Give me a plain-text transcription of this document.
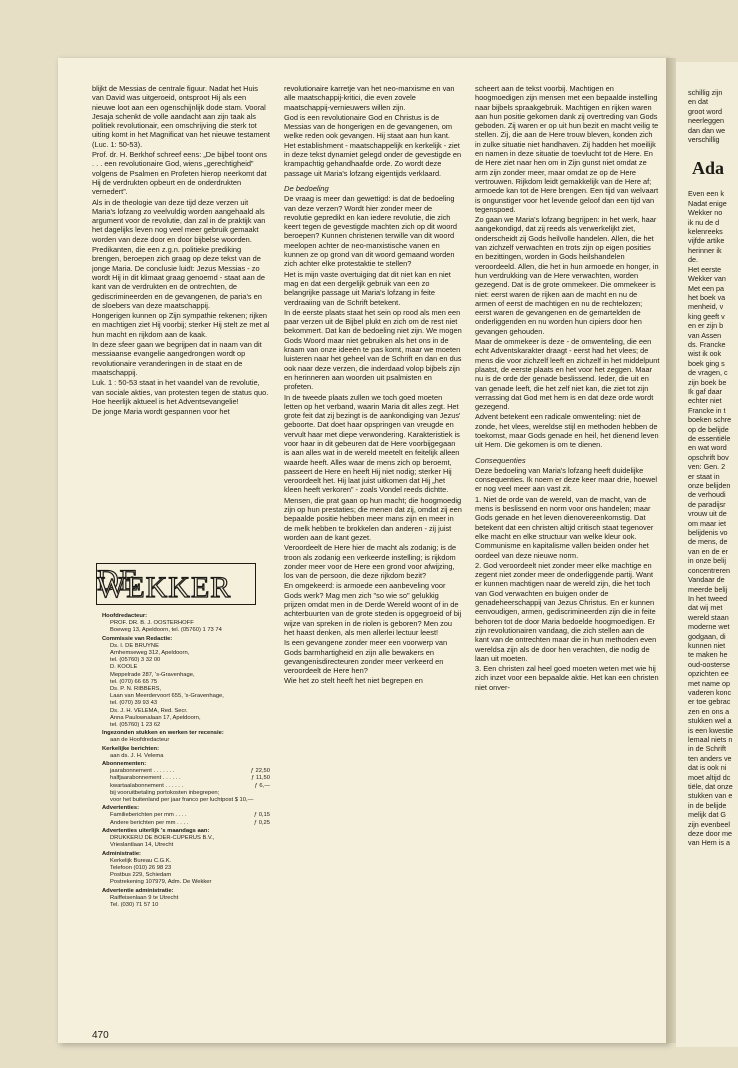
blijkt de Messias de centrale figuur. Nadat het Huis van David was uitgeroeid, ontsproot Hij als een nieuwe loot aan een ogenschijnlijk dode stam. Vooral Jesaja schenkt de volle aandacht aan zijn taak als politiek revolutionair, een omschrijving die sterk tot uiting komt in het Magnificat van het nieuwe testament (Luc. 1: 50-53).

Prof. dr. H. Berkhof schreef eens: „De bijbel toont ons . . . een revolutionaire God, wiens „gerechtigheid” volgens de Psalmen en Profeten hierop neerkomt dat Hij de verdrukten opbeurt en de onderdrukten vernedert”.

Als in de theologie van deze tijd deze verzen uit Maria's lofzang zo veelvuldig worden aangehaald als argument voor de revolutie, dan zal in de praktijk van het dagelijks leven nog veel meer gebruik gemaakt worden van deze door en door bijbelse woorden.

Predikanten, die een z.g.n. politieke prediking brengen, beroepen zich graag op deze tekst van de jonge Maria. De conclusie luidt: Jezus Messias - zo wordt Hij in dit klimaat graag genoemd - staat aan de kant van de verdrukten en de ontrechten, de gediscrimineerden en de gevangenen, de paria's en de sloebers van deze maatschappij.

Hongerigen kunnen op Zijn sympathie rekenen; rijken en machtigen ziet Hij voorbij; sterker Hij stelt ze met al hun macht en rijkdom aan de kaak.

In deze sfeer gaan we begrijpen dat in naam van dit messiaanse evangelie aangedrongen wordt op revolutionaire veranderingen in de staat en de maatschappij.

Luk. 1 : 50-53 staat in het vaandel van de revolutie, van sociale akties, van protesten tegen de status quo. Hoe heerlijk aktueel is het Adventsevangelie!

De jonge Maria wordt gespannen voor het

DE WEKKER
Hoofdredacteur:
PROF. DR. B. J. OOSTERHOFF
Boeweg 13, Apeldoorn, tel. (05760) 1 73 74
Commissie van Redactie:
Ds. I. DE BRUYNE
Arnhemseweg 312, Apeldoorn,
tel. (05760) 3 32 00
D. KOOLE
Meppelrade 287, 's-Gravenhage,
tel. (070) 66 65 75
Ds. P. N. RIBBERS,
Laan van Meerdervoort 655, 's-Gravenhage,
tel. (070) 39 93 43
Ds. J. H. VELEMA, Red. Secr.
Anna Paulownalaan 17, Apeldoorn,
tel. (05760) 1 23 62
Ingezonden stukken en werken ter recensie:
aan de Hoofdredacteur
Kerkelijke berichten:
aan ds. J. H. Velema
Abonnementen:
jaarabonnement . . . . . . .	ƒ 22,50
halfjaarabonnement . . . . . .	ƒ 11,50
kwartaalabonnement . . . . . .	ƒ 6,—
bij vooruitbetaling portokosten inbegrepen;
voor het buitenland per jaar franco per luchtpost $ 10,—
Advertenties:
Familieberichten per mm . . . .	ƒ 0,15
Andere berichten per mm . . . .	ƒ 0,25
Advertenties uiterlijk 's maandags aan:
DRUKKERIJ DE BOER-CUPERUS B.V.,
Vrieslantlaan 14, Utrecht
Administratie:
Kerkelijk Bureau C.G.K.
Telefoon (010) 26 98 23
Postbus 229, Schiedam
Postrekening 107979, Adm. De Wekker
Advertentie administratie:
Raiffeisenlaan 9 te Utrecht
Tel. (030) 71 57 10

revolutionaire karretje van het neo-marxisme en van alle maatschappij-kritici, die even zovele maatschappij-vernieuwers willen zijn.

God is een revolutionaire God en Christus is de Messias van de hongerigen en de gevangenen, om welke reden ook gevangen. Hij staat aan hun kant. Het establishment - maatschappelijk en kerkelijk - ziet in deze tekst dynamiet gelegd onder de gevestigde en krampachtig gehandhaafde orde. Zo wordt deze passage uit Maria's lofzang eigentijds verklaard.

De bedoeling

De vraag is meer dan gewettigd: is dat de bedoeling van deze verzen? Wordt hier zonder meer de revolutie gepredikt en kan iedere revolutie, die zich keert tegen de gevestigde machten zich op dit woord beroepen? Kunnen christenen terwille van dit woord meelopen achter de neo-marxistische vanen en kunnen ze op grond van dit woord gemaand worden zich achter elke protestaktie te stellen?

Het is mijn vaste overtuiging dat dit niet kan en niet mag en dat een dergelijk gebruik van een zo belangrijke passage uit Maria's lofzang in feite verdraaiing van de Schrift betekent.

In de eerste plaats staat het sein op rood als men een paar verzen uit de Bijbel plukt en zich om de rest niet bekommert. Dat kan de bedoeling niet zijn. We mogen Gods Woord maar niet gebruiken als het ons in de kraam van onze ideeën te pas komt, maar we moeten luisteren naar het geheel van de Schrift en dan en dus ook naar deze verzen, die inderdaad volop bijbels zijn en herinneren aan woorden uit psalmisten en profeten.

In de tweede plaats zullen we toch goed moeten letten op het verband, waarin Maria dit alles zegt. Het grote feit dat zij bezingt is de aankondiging van Jezus' geboorte. Dat doet haar opspringen van vreugde en vervult haar met diepe verwondering. Karakteristiek is voor haar in dit gebeuren dat de Here voorbijgegaan is aan alles wat in de wereld meetelt en feitelijk alleen waarde heeft. Alles waar de mens zich op beroemt, passeert de Here en heeft Hij niet nodig; sterker Hij veroordeelt het. Hij laat juist uitkomen dat Hij „het kleen heeft verkoren” - zoals Vondel reeds dichtte.

Mensen, die prat gaan op hun macht; die hoogmoedig zijn op hun prestaties; die menen dat zij, omdat zij een bepaalde positie hebben meer mans zijn en meer in de melk hebben te brokkelen dan anderen - zij juist worden aan de kant gezet.

Veroordeelt de Here hier de macht als zodanig; is de troon als zodanig een verkeerde instelling; is rijkdom zonder meer voor de Here een grond voor afwijzing, los van de persoon, die deze rijkdom bezit?

En omgekeerd: is armoede een aanbeveling voor Gods werk? Mag men zich "so wie so" gelukkig prijzen omdat men in de Derde Wereld woont of in de achterbuurten van de grote steden is opgegroeid of bij wijze van spreken in de riolen is geboren? Men zou het haast denken, als men allerlei lectuur leest!

Is een gevangene zonder meer een voorwerp van Gods barmhartigheid en zijn alle bewakers en gevangenisdirecteuren zonder meer verkeerd en veroordeelt de Here hen?

Wie het zo stelt heeft het niet begrepen en

scheert aan de tekst voorbij. Machtigen en hoogmoedigen zijn mensen met een bepaalde instelling naar bijbels spraakgebruik. Machtigen en rijken waren aan hun positie gekomen dank zij overtreding van Gods geboden. Zij waren er op uit hun bezit en macht veilig te stellen. Zij, die aan de Here trouw bleven, konden zich in zulke situatie niet handhaven. Zij hadden het moeilijk en namen in deze situatie de toevlucht tot de Here. En de Here ziet naar hen om in Zijn gunst niet omdat ze arm zijn zonder meer, maar omdat ze op de Here vertrouwen. Rijkdom leidt gemakkelijk van de Here af; armoede kan tot de Here brengen. Een tijd van welvaart is ongunstiger voor het levende geloof dan een tijd van tegenspoed.

Zo gaan we Maria's lofzang begrijpen: in het werk, haar aangekondigd, dat zij reeds als verwerkelijkt ziet, onderscheidt zij Gods heilvolle handelen. Allen, die het van zichzelf verwachten en trots zijn op eigen posities en bezittingen, worden in Gods heilshandelen veroordeeld. Allen, die het in hun armoede en honger, in hun verdrukking van de Here verwachten, worden gezegend. Dat is de grote ommekeer. Die ommekeer is niet: eerst waren de rijken aan de macht en nu de armen of eerst de machtigen en nu de rechtelozen; eerst waren de gevangenen en de gemartelden de onderliggenden en nu worden hun cipiers door hen gevangen gehouden.

Maar de ommekeer is deze - de omwenteling, die een echt Adventskarakter draagt - eerst had het vlees; de mens die voor zichzelf leeft en zichzelf in het middelpunt plaatst, de eerste plaats en het voor het zeggen. Maar nu is de orde der genade beslissend. Ieder, die uit en van genade leeft, die het zelf niet kan, die ziet tot zijn verrassing dat God met hem is en dat deze orde wordt gezegend.

Advent betekent een radicale omwenteling: niet de zonde, het vlees, wereldse stijl en methoden hebben de toekomst, maar Gods genade en heil, het dienend leven uit Hem. Die gekomen is om te dienen.

Consequenties

Deze bedoeling van Maria's lofzang heeft duidelijke consequenties. Ik noem er deze keer maar drie, hoewel er nog veel meer aan vast zit.

1. Niet de orde van de wereld, van de macht, van de mens is beslissend en norm voor ons handelen; maar Gods genade en het leven dienovereenkomstig. Dat betekent dat een christen altijd critisch staat tegenover elke macht en elke structuur van welke kleur ook. Communisme en kapitalisme vallen beiden onder het oordeel van deze nieuwe norm.

2. God veroordeelt niet zonder meer elke machtige en zegent niet zonder meer de onderliggende partij. Want er kunnen machtigen naar de wereld zijn, die het toch van God verwachten en buigen onder de genadeheerschappij van Jezus Christus. En er kunnen eenvoudigen, armen, gediscrimineerden zijn die in feite behoren tot de door Maria bedoelde hoogmoedigen. Er zijn revolutionairen vandaag, die zich stellen aan de kant van de ontrechten maar die in hun methoden even wereldsa zijn als de door hen verachten, die nodig de laan uit moeten.

3. Een christen zal heel goed moeten weten met wie hij zich inzet voor een bepaalde aktie. Het kan een christen niet onver-

470
schillig zijn
en dat
groot word
neerleggen
dan dan we
verschillig
Ada
Even een k
Nadat enige
Wekker no
ik nu de d
kelenreeks
vijfde artike
herinner ik
de.
Het eerste
Wekker van
Met een pa
het boek va
menheid, v
king geeft v
en er zijn b
van Assen
ds. Francke
wist ik ook
boek ging s
de vragen, c
zijn boek be
Ik gaf daar
echter niet
Francke in t
boeken schre
op de belijde
de essentiële
en wat word
opschrift bov
ven: Gen. 2
er staat in
onze belijden
de verhoudi
de paradijsr
vrouw uit de
om maar iet
belijdenis vo
de mens, de
van en de er
in onze belij
concentreren
Vandaar de
meerde belij
In het tweed
dat wij met
wereld staan
moderne wet
godgaan, di
kunnen niet
te maken he
oud-oosterse
opzichten ee
met name op
vaderen konc
er toe gebrac
zen en ons a
stukken wel a
is een kwestie
lemaal niets n
in de Schrift
ten anders ve
dat is ook ni
moet altijd dc
tiële, dat onze
stukken van e
in de belijde
melijk dat G
zijn evenbeel
deze door me
van Hem is a
